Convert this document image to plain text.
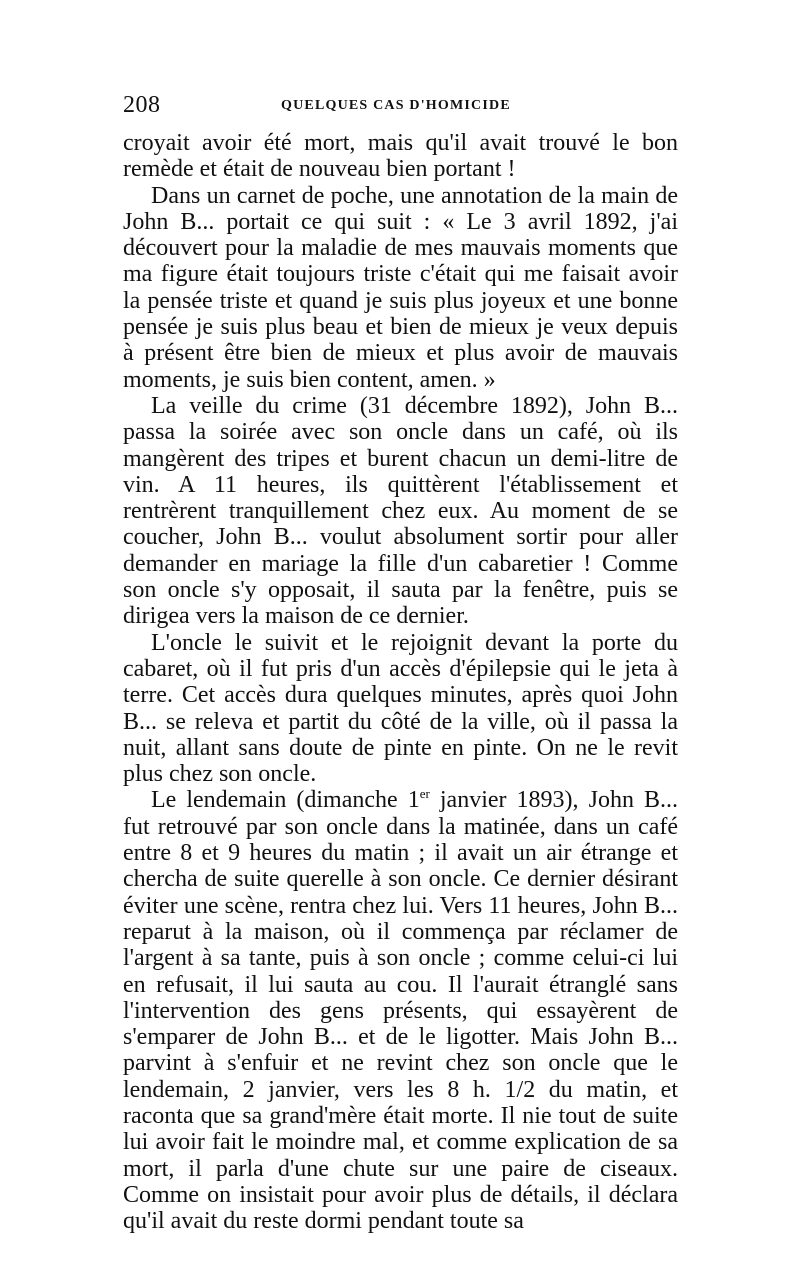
208	QUELQUES CAS D'HOMICIDE

croyait avoir été mort, mais qu'il avait trouvé le bon remède et était de nouveau bien portant !

Dans un carnet de poche, une annotation de la main de John B... portait ce qui suit : « Le 3 avril 1892, j'ai découvert pour la maladie de mes mauvais moments que ma figure était toujours triste c'était qui me faisait avoir la pensée triste et quand je suis plus joyeux et une bonne pensée je suis plus beau et bien de mieux je veux depuis à présent être bien de mieux et plus avoir de mauvais moments, je suis bien content, amen. »

La veille du crime (31 décembre 1892), John B... passa la soirée avec son oncle dans un café, où ils mangèrent des tripes et burent chacun un demi-litre de vin. A 11 heures, ils quittèrent l'établissement et rentrèrent tranquillement chez eux. Au moment de se coucher, John B... voulut absolument sortir pour aller demander en mariage la fille d'un cabaretier ! Comme son oncle s'y opposait, il sauta par la fenêtre, puis se dirigea vers la maison de ce dernier.

L'oncle le suivit et le rejoignit devant la porte du cabaret, où il fut pris d'un accès d'épilepsie qui le jeta à terre. Cet accès dura quelques minutes, après quoi John B... se releva et partit du côté de la ville, où il passa la nuit, allant sans doute de pinte en pinte. On ne le revit plus chez son oncle.

Le lendemain (dimanche 1er janvier 1893), John B... fut retrouvé par son oncle dans la matinée, dans un café entre 8 et 9 heures du matin ; il avait un air étrange et chercha de suite querelle à son oncle. Ce dernier désirant éviter une scène, rentra chez lui. Vers 11 heures, John B... reparut à la maison, où il commença par réclamer de l'argent à sa tante, puis à son oncle ; comme celui-ci lui en refusait, il lui sauta au cou. Il l'aurait étranglé sans l'intervention des gens présents, qui essayèrent de s'emparer de John B... et de le ligotter. Mais John B... parvint à s'enfuir et ne revint chez son oncle que le lendemain, 2 janvier, vers les 8 h. 1/2 du matin, et raconta que sa grand'mère était morte. Il nie tout de suite lui avoir fait le moindre mal, et comme explication de sa mort, il parla d'une chute sur une paire de ciseaux. Comme on insistait pour avoir plus de détails, il déclara qu'il avait du reste dormi pendant toute sa
